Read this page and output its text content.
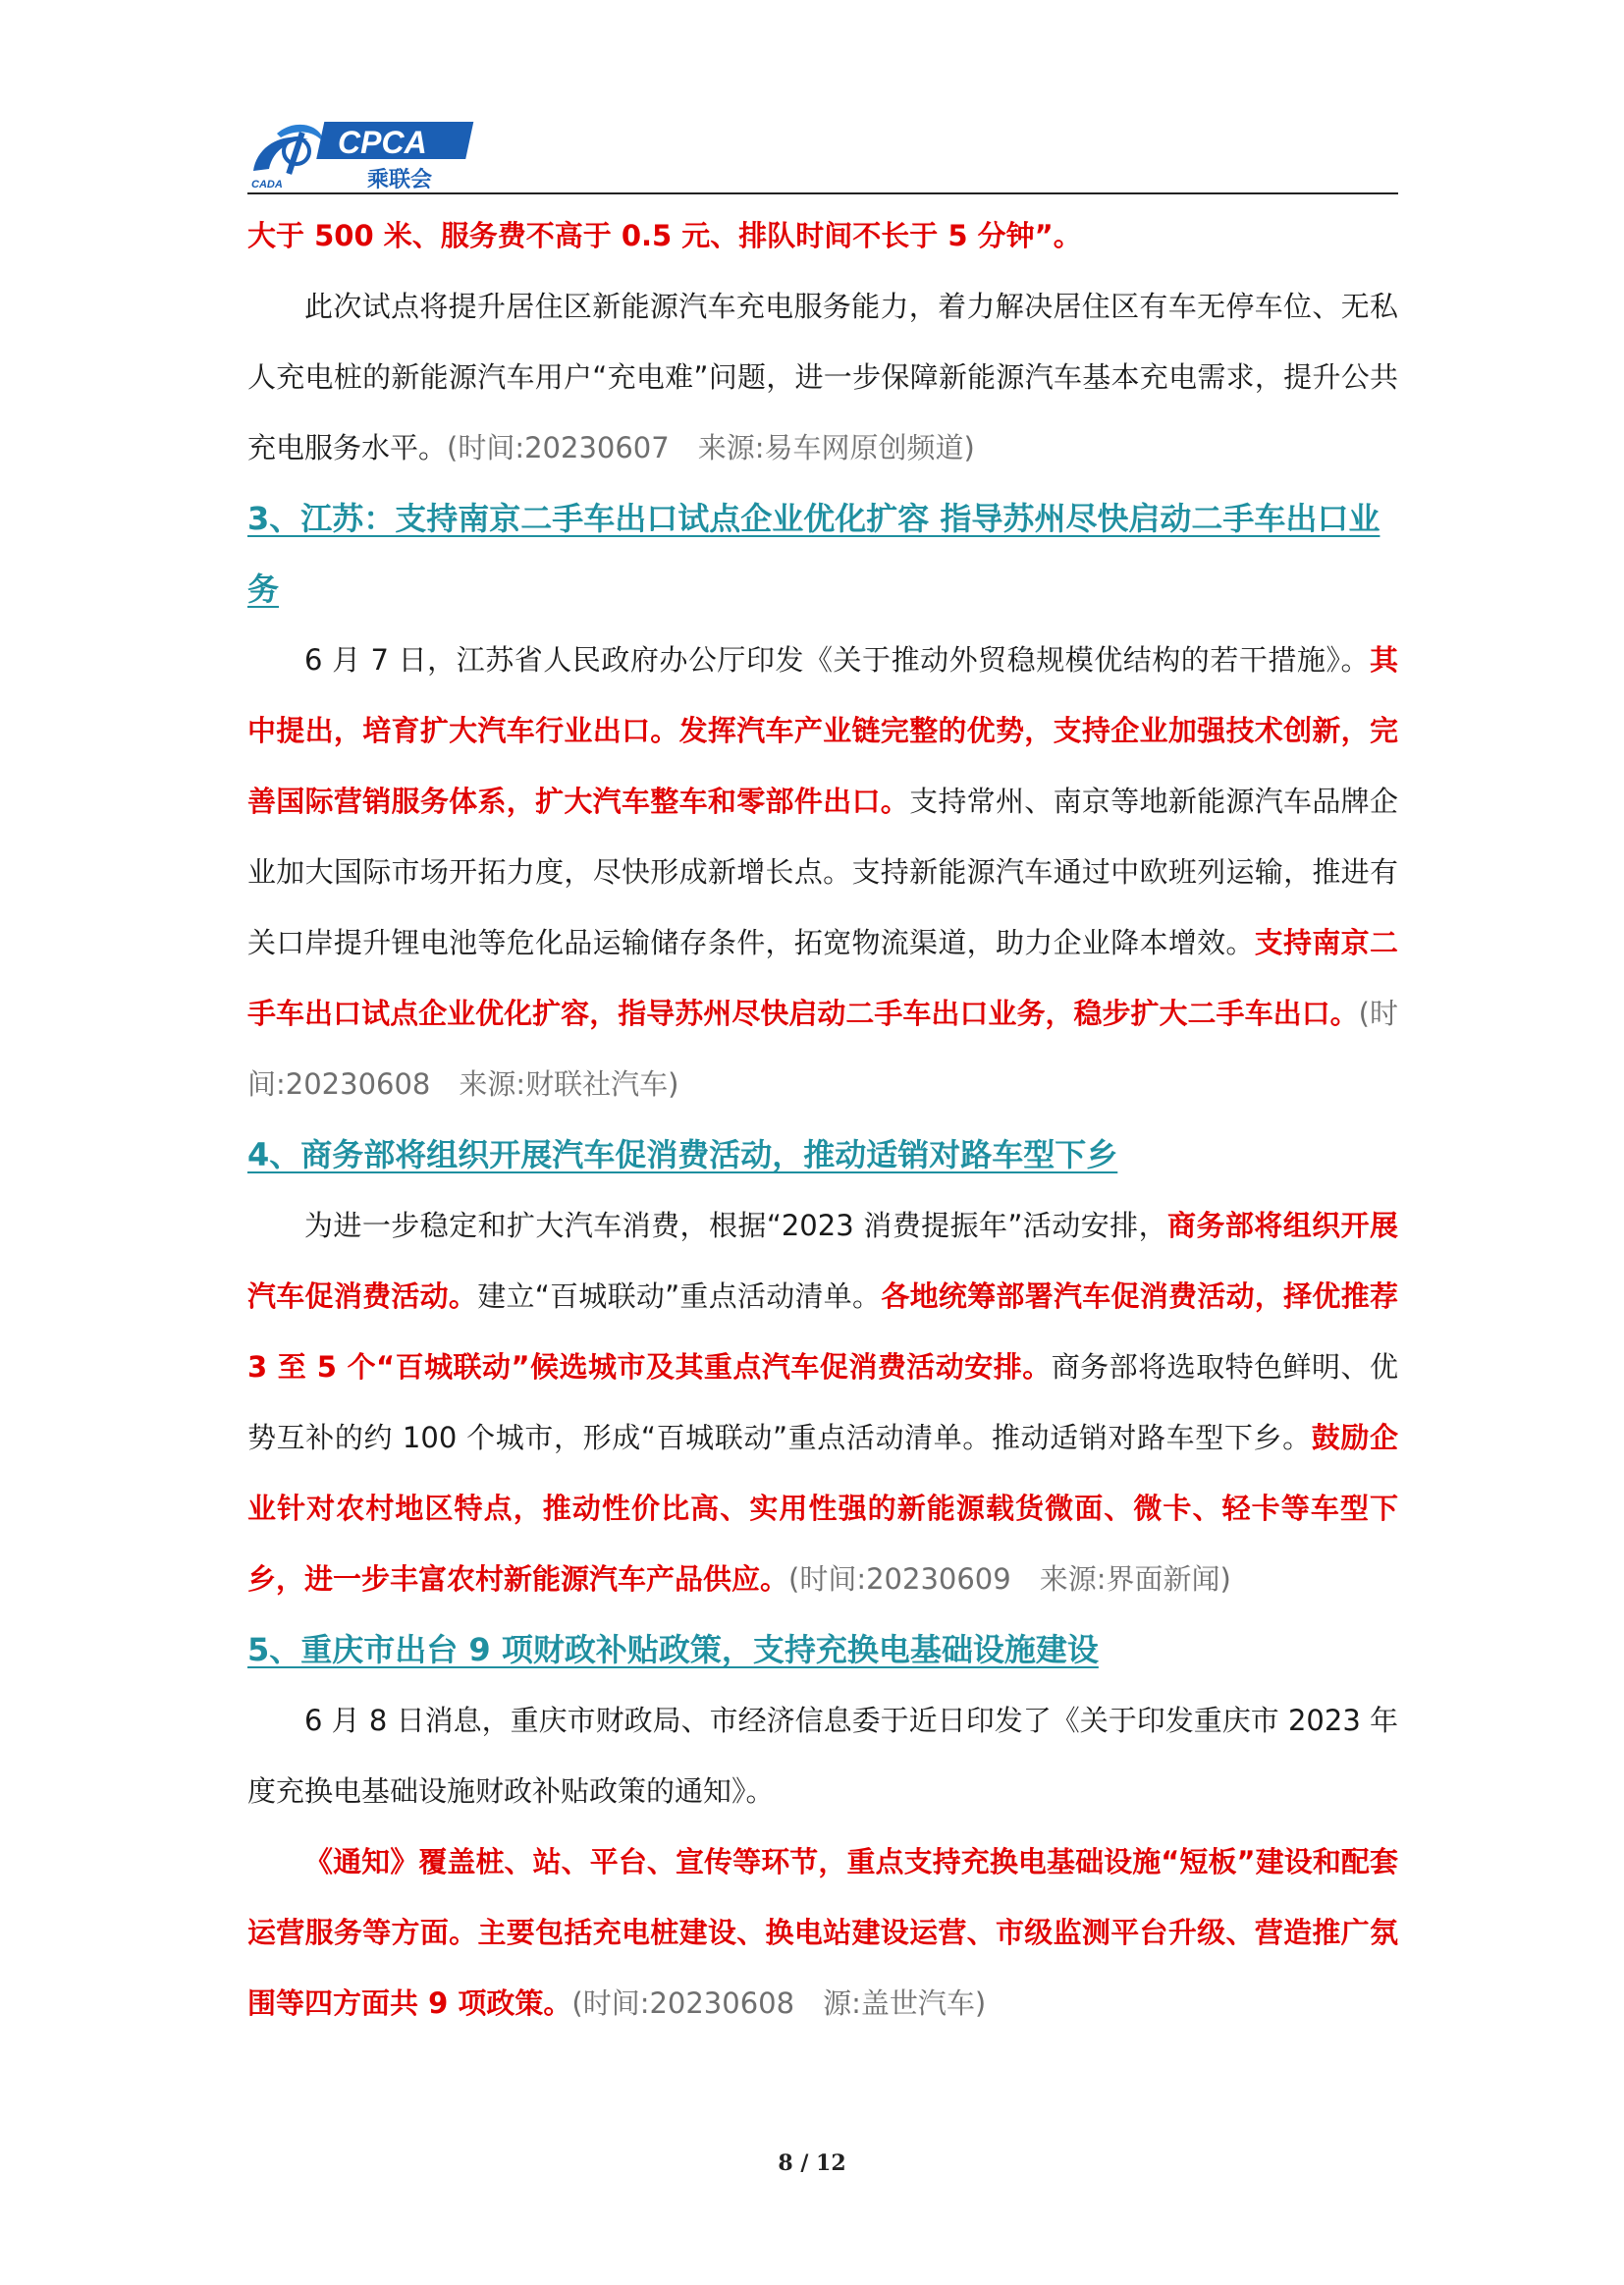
CADA
CPCA
乘联会

大于 500 米、服务费不高于 0.5 元、排队时间不长于 5 分钟”。

此次试点将提升居住区新能源汽车充电服务能力，着力解决居住区有车无停车位、无私人充电桩的新能源汽车用户“充电难”问题，进一步保障新能源汽车基本充电需求，提升公共充电服务水平。(时间:20230607　来源:易车网原创频道)

3、江苏：支持南京二手车出口试点企业优化扩容 指导苏州尽快启动二手车出口业务

6 月 7 日，江苏省人民政府办公厅印发《关于推动外贸稳规模优结构的若干措施》。其中提出，培育扩大汽车行业出口。发挥汽车产业链完整的优势，支持企业加强技术创新，完善国际营销服务体系，扩大汽车整车和零部件出口。支持常州、南京等地新能源汽车品牌企业加大国际市场开拓力度，尽快形成新增长点。支持新能源汽车通过中欧班列运输，推进有关口岸提升锂电池等危化品运输储存条件，拓宽物流渠道，助力企业降本增效。支持南京二手车出口试点企业优化扩容，指导苏州尽快启动二手车出口业务，稳步扩大二手车出口。(时间:20230608　来源:财联社汽车)

4、商务部将组织开展汽车促消费活动，推动适销对路车型下乡

为进一步稳定和扩大汽车消费，根据“2023 消费提振年”活动安排，商务部将组织开展汽车促消费活动。建立“百城联动”重点活动清单。各地统筹部署汽车促消费活动，择优推荐 3 至 5 个“百城联动”候选城市及其重点汽车促消费活动安排。商务部将选取特色鲜明、优势互补的约 100 个城市，形成“百城联动”重点活动清单。推动适销对路车型下乡。鼓励企业针对农村地区特点，推动性价比高、实用性强的新能源载货微面、微卡、轻卡等车型下乡，进一步丰富农村新能源汽车产品供应。(时间:20230609　来源:界面新闻)

5、重庆市出台 9 项财政补贴政策，支持充换电基础设施建设

6 月 8 日消息，重庆市财政局、市经济信息委于近日印发了《关于印发重庆市 2023 年度充换电基础设施财政补贴政策的通知》。

《通知》覆盖桩、站、平台、宣传等环节，重点支持充换电基础设施“短板”建设和配套运营服务等方面。主要包括充电桩建设、换电站建设运营、市级监测平台升级、营造推广氛围等四方面共 9 项政策。(时间:20230608　源:盖世汽车)

8 / 12
